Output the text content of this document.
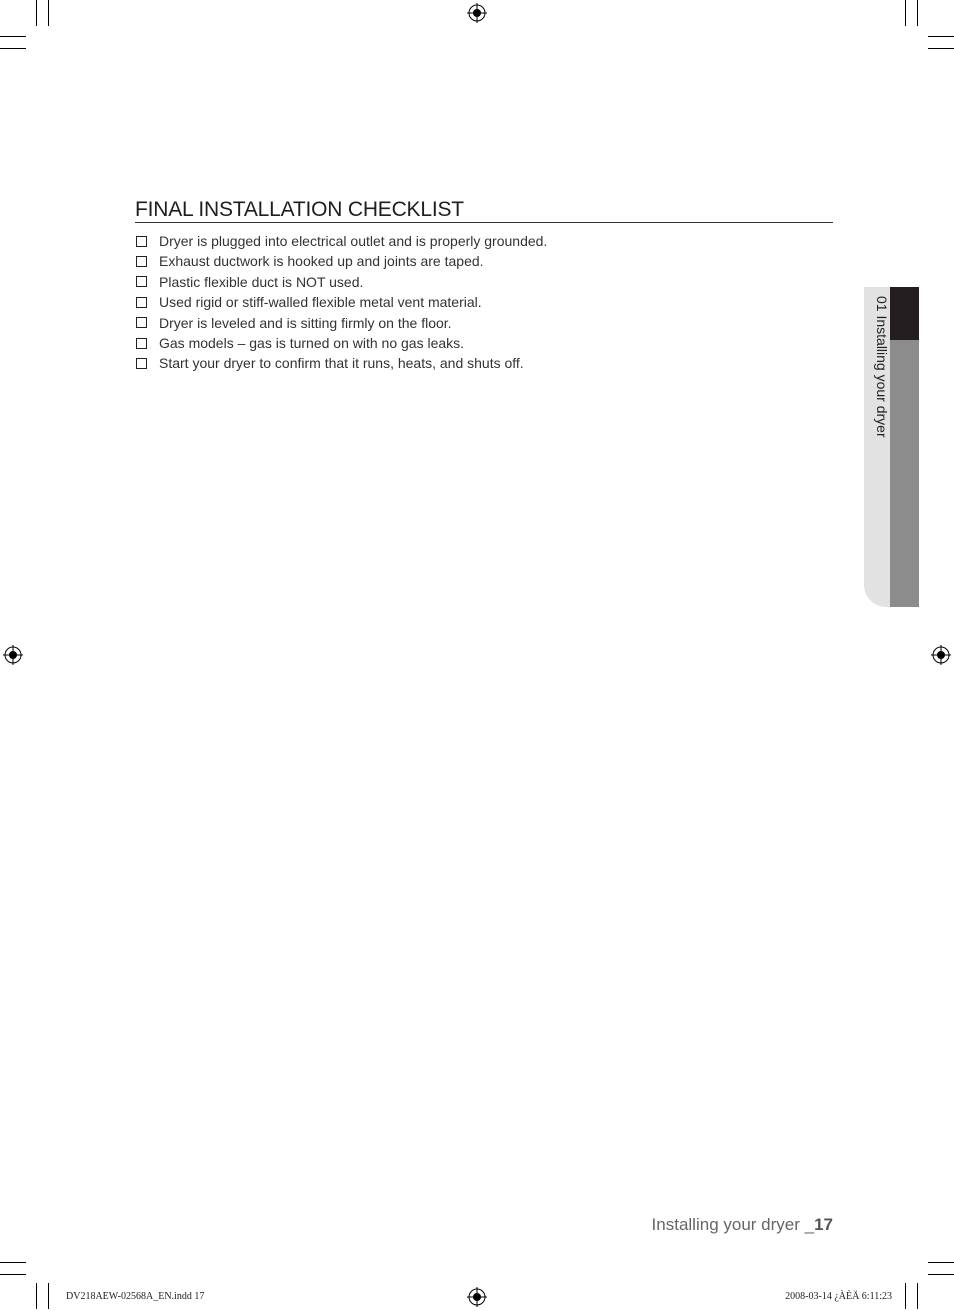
FINAL INSTALLATION CHECKLIST
Dryer is plugged into electrical outlet and is properly grounded.
Exhaust ductwork is hooked up and joints are taped.
Plastic flexible duct is NOT used.
Used rigid or stiff-walled flexible metal vent material.
Dryer is leveled and is sitting firmly on the floor.
Gas models – gas is turned on with no gas leaks.
Start your dryer to confirm that it runs, heats, and shuts off.	01 Installing your dryer
Installing your dryer _17
DV218AEW-02568A_EN.indd 17	2008-03-14 ¿ÀÈÄ 6:11:23
